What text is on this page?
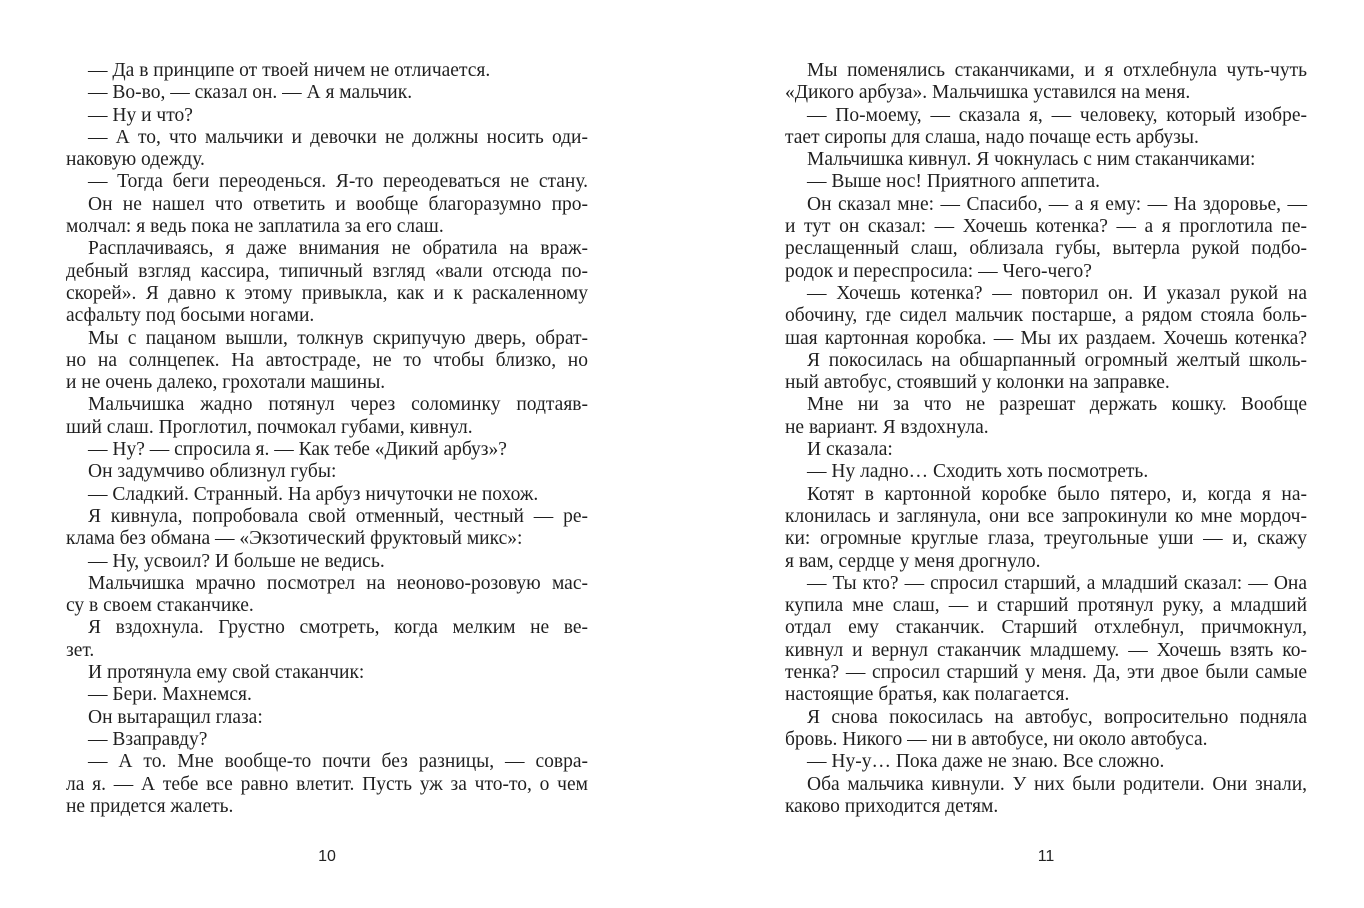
— Да в принципе от твоей ничем не отличается.
— Во-во, — сказал он. — А я мальчик.
— Ну и что?
— А то, что мальчики и девочки не должны носить оди-
наковую одежду.
— Тогда беги переоденься. Я-то переодеваться не стану.
Он не нашел что ответить и вообще благоразумно про-
молчал: я ведь пока не заплатила за его слаш.
Расплачиваясь, я даже внимания не обратила на враж-
дебный взгляд кассира, типичный взгляд «вали отсюда по-
скорей». Я давно к этому привыкла, как и к раскаленному
асфальту под босыми ногами.
Мы с пацаном вышли, толкнув скрипучую дверь, обрат-
но на солнцепек. На автостраде, не то чтобы близко, но
и не очень далеко, грохотали машины.
Мальчишка жадно потянул через соломинку подтаяв-
ший слаш. Проглотил, почмокал губами, кивнул.
— Ну? — спросила я. — Как тебе «Дикий арбуз»?
Он задумчиво облизнул губы:
— Сладкий. Странный. На арбуз ничуточки не похож.
Я кивнула, попробовала свой отменный, честный — ре-
клама без обмана — «Экзотический фруктовый микс»:
— Ну, усвоил? И больше не ведись.
Мальчишка мрачно посмотрел на неоново-розовую мас-
су в своем стаканчике.
Я вздохнула. Грустно смотреть, когда мелким не ве-
зет.
И протянула ему свой стаканчик:
— Бери. Махнемся.
Он вытаращил глаза:
— Взаправду?
— А то. Мне вообще-то почти без разницы, — совра-
ла я. — А тебе все равно влетит. Пусть уж за что-то, о чем
не придется жалеть.
10
Мы поменялись стаканчиками, и я отхлебнула чуть-чуть
«Дикого арбуза». Мальчишка уставился на меня.
— По-моему, — сказала я, — человеку, который изобре-
тает сиропы для слаша, надо почаще есть арбузы.
Мальчишка кивнул. Я чокнулась с ним стаканчиками:
— Выше нос! Приятного аппетита.
Он сказал мне: — Спасибо, — а я ему: — На здоровье, —
и тут он сказал: — Хочешь котенка? — а я проглотила пе-
реслащенный слаш, облизала губы, вытерла рукой подбо-
родок и переспросила: — Чего-чего?
— Хочешь котенка? — повторил он. И указал рукой на
обочину, где сидел мальчик постарше, а рядом стояла боль-
шая картонная коробка. — Мы их раздаем. Хочешь котенка?
Я покосилась на обшарпанный огромный желтый школь-
ный автобус, стоявший у колонки на заправке.
Мне ни за что не разрешат держать кошку. Вообще
не вариант. Я вздохнула.
И сказала:
— Ну ладно… Сходить хоть посмотреть.
Котят в картонной коробке было пятеро, и, когда я на-
клонилась и заглянула, они все запрокинули ко мне мордоч-
ки: огромные круглые глаза, треугольные уши — и, скажу
я вам, сердце у меня дрогнуло.
— Ты кто? — спросил старший, а младший сказал: — Она
купила мне слаш, — и старший протянул руку, а младший
отдал ему стаканчик. Старший отхлебнул, причмокнул,
кивнул и вернул стаканчик младшему. — Хочешь взять ко-
тенка? — спросил старший у меня. Да, эти двое были самые
настоящие братья, как полагается.
Я снова покосилась на автобус, вопросительно подняла
бровь. Никого — ни в автобусе, ни около автобуса.
— Ну-у… Пока даже не знаю. Все сложно.
Оба мальчика кивнули. У них были родители. Они знали,
каково приходится детям.
11
